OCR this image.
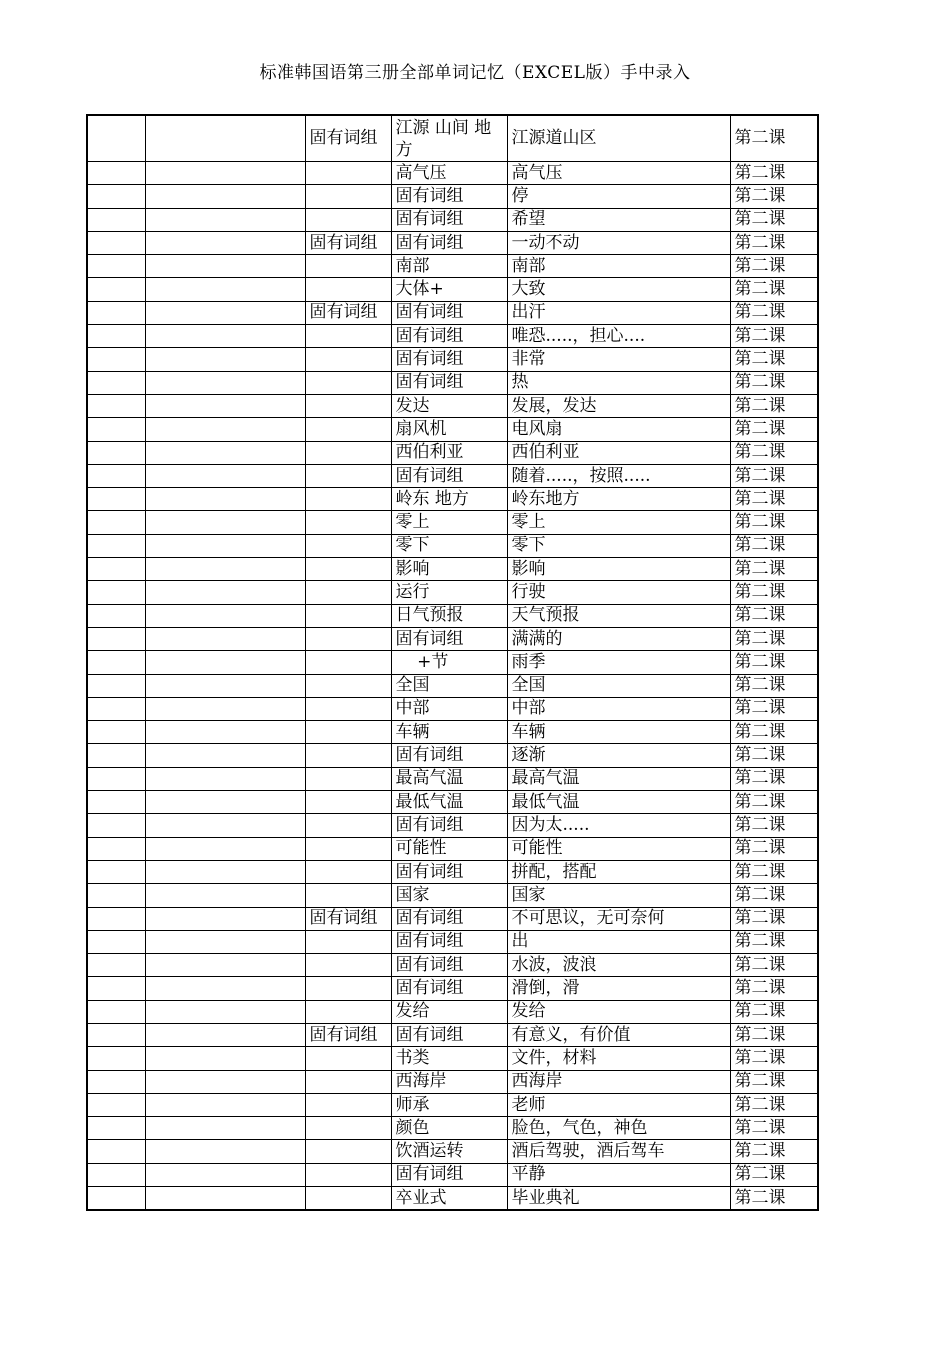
标准韩国语第三册全部单词记忆（EXCEL版）手中录入
		固有词组	江源 山间 地方	江源道山区	第二课
			高气压	高气压	第二课
			固有词组	停	第二课
			固有词组	希望	第二课
		固有词组	固有词组	一动不动	第二课
			南部	南部	第二课
			大体+	大致	第二课
		固有词组	固有词组	出汗	第二课
			固有词组	唯恐.....，担心....	第二课
			固有词组	非常	第二课
			固有词组	热	第二课
			发达	发展，发达	第二课
			扇风机	电风扇	第二课
			西伯利亚	西伯利亚	第二课
			固有词组	随着.....，按照.....	第二课
			岭东 地方	岭东地方	第二课
			零上	零上	第二课
			零下	零下	第二课
			影响	影响	第二课
			运行	行驶	第二课
			日气预报	天气预报	第二课
			固有词组	满满的	第二课
			+节	雨季	第二课
			全国	全国	第二课
			中部	中部	第二课
			车辆	车辆	第二课
			固有词组	逐渐	第二课
			最高气温	最高气温	第二课
			最低气温	最低气温	第二课
			固有词组	因为太.....	第二课
			可能性	可能性	第二课
			固有词组	拼配，搭配	第二课
			国家	国家	第二课
		固有词组	固有词组	不可思议，无可奈何	第二课
			固有词组	出	第二课
			固有词组	水波，波浪	第二课
			固有词组	滑倒，滑	第二课
			发给	发给	第二课
		固有词组	固有词组	有意义，有价值	第二课
			书类	文件，材料	第二课
			西海岸	西海岸	第二课
			师承	老师	第二课
			颜色	脸色，气色，神色	第二课
			饮酒运转	酒后驾驶，酒后驾车	第二课
			固有词组	平静	第二课
			卒业式	毕业典礼	第二课
